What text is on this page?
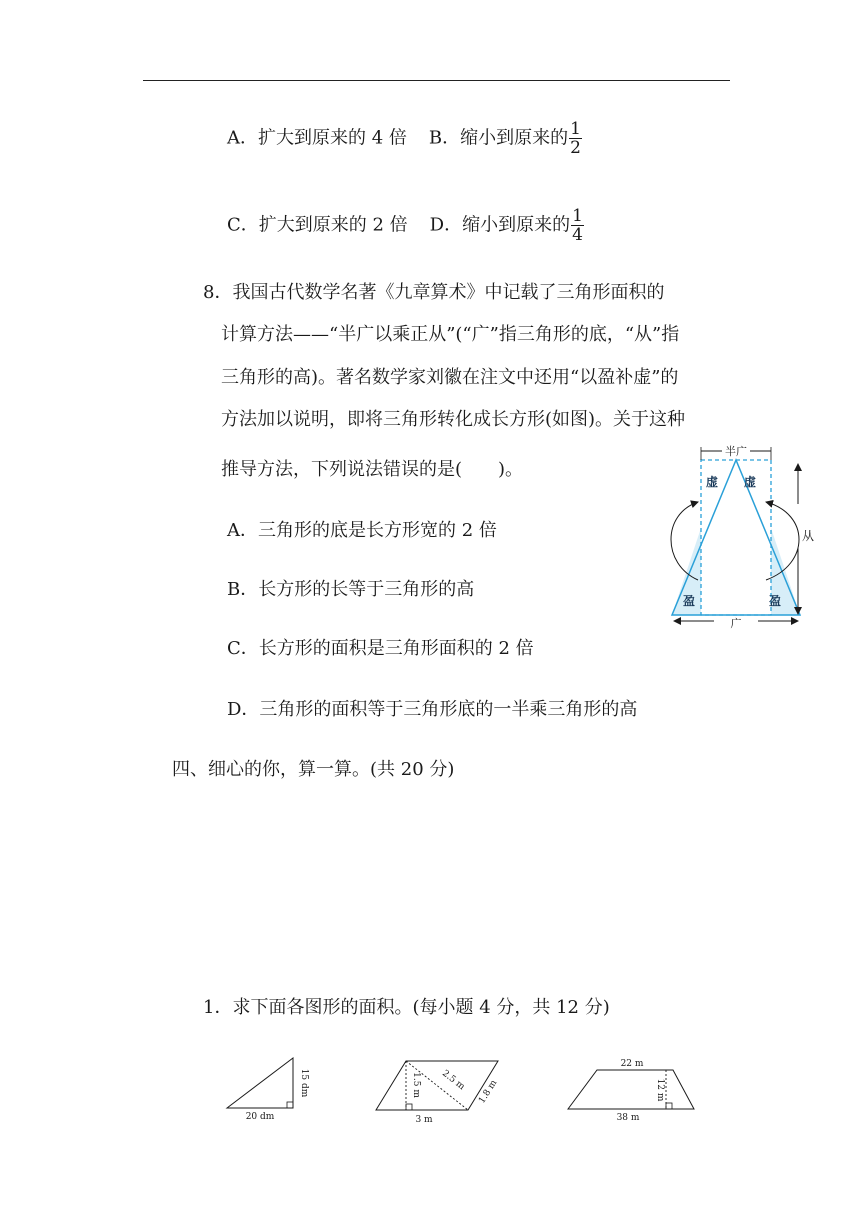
A．扩大到原来的 4 倍 B．缩小到原来的 $\frac{1}{2}$
C．扩大到原来的 2 倍 D．缩小到原来的 $\frac{1}{4}$
8．我国古代数学名著《九章算术》中记载了三角形面积的
计算方法——“半广以乘正从”(“广”指三角形的底，“从”指
三角形的高)。著名数学家刘徽在注文中还用“以盈补虚”的
方法加以说明，即将三角形转化成长方形(如图)。关于这种
推导方法，下列说法错误的是(　　)。
A．三角形的底是长方形宽的 2 倍
B．长方形的长等于三角形的高
C．长方形的面积是三角形面积的 2 倍
D．三角形的面积等于三角形底的一半乘三角形的高
半广
虚 虚
盈	盈
从
广
四、细心的你，算一算。(共 20 分)
1．求下面各图形的面积。(每小题 4 分，共 12 分)
15 dm
20 dm
1.5 m 2.5 m 1.8 m
3 m
22 m
12 m
38 m
